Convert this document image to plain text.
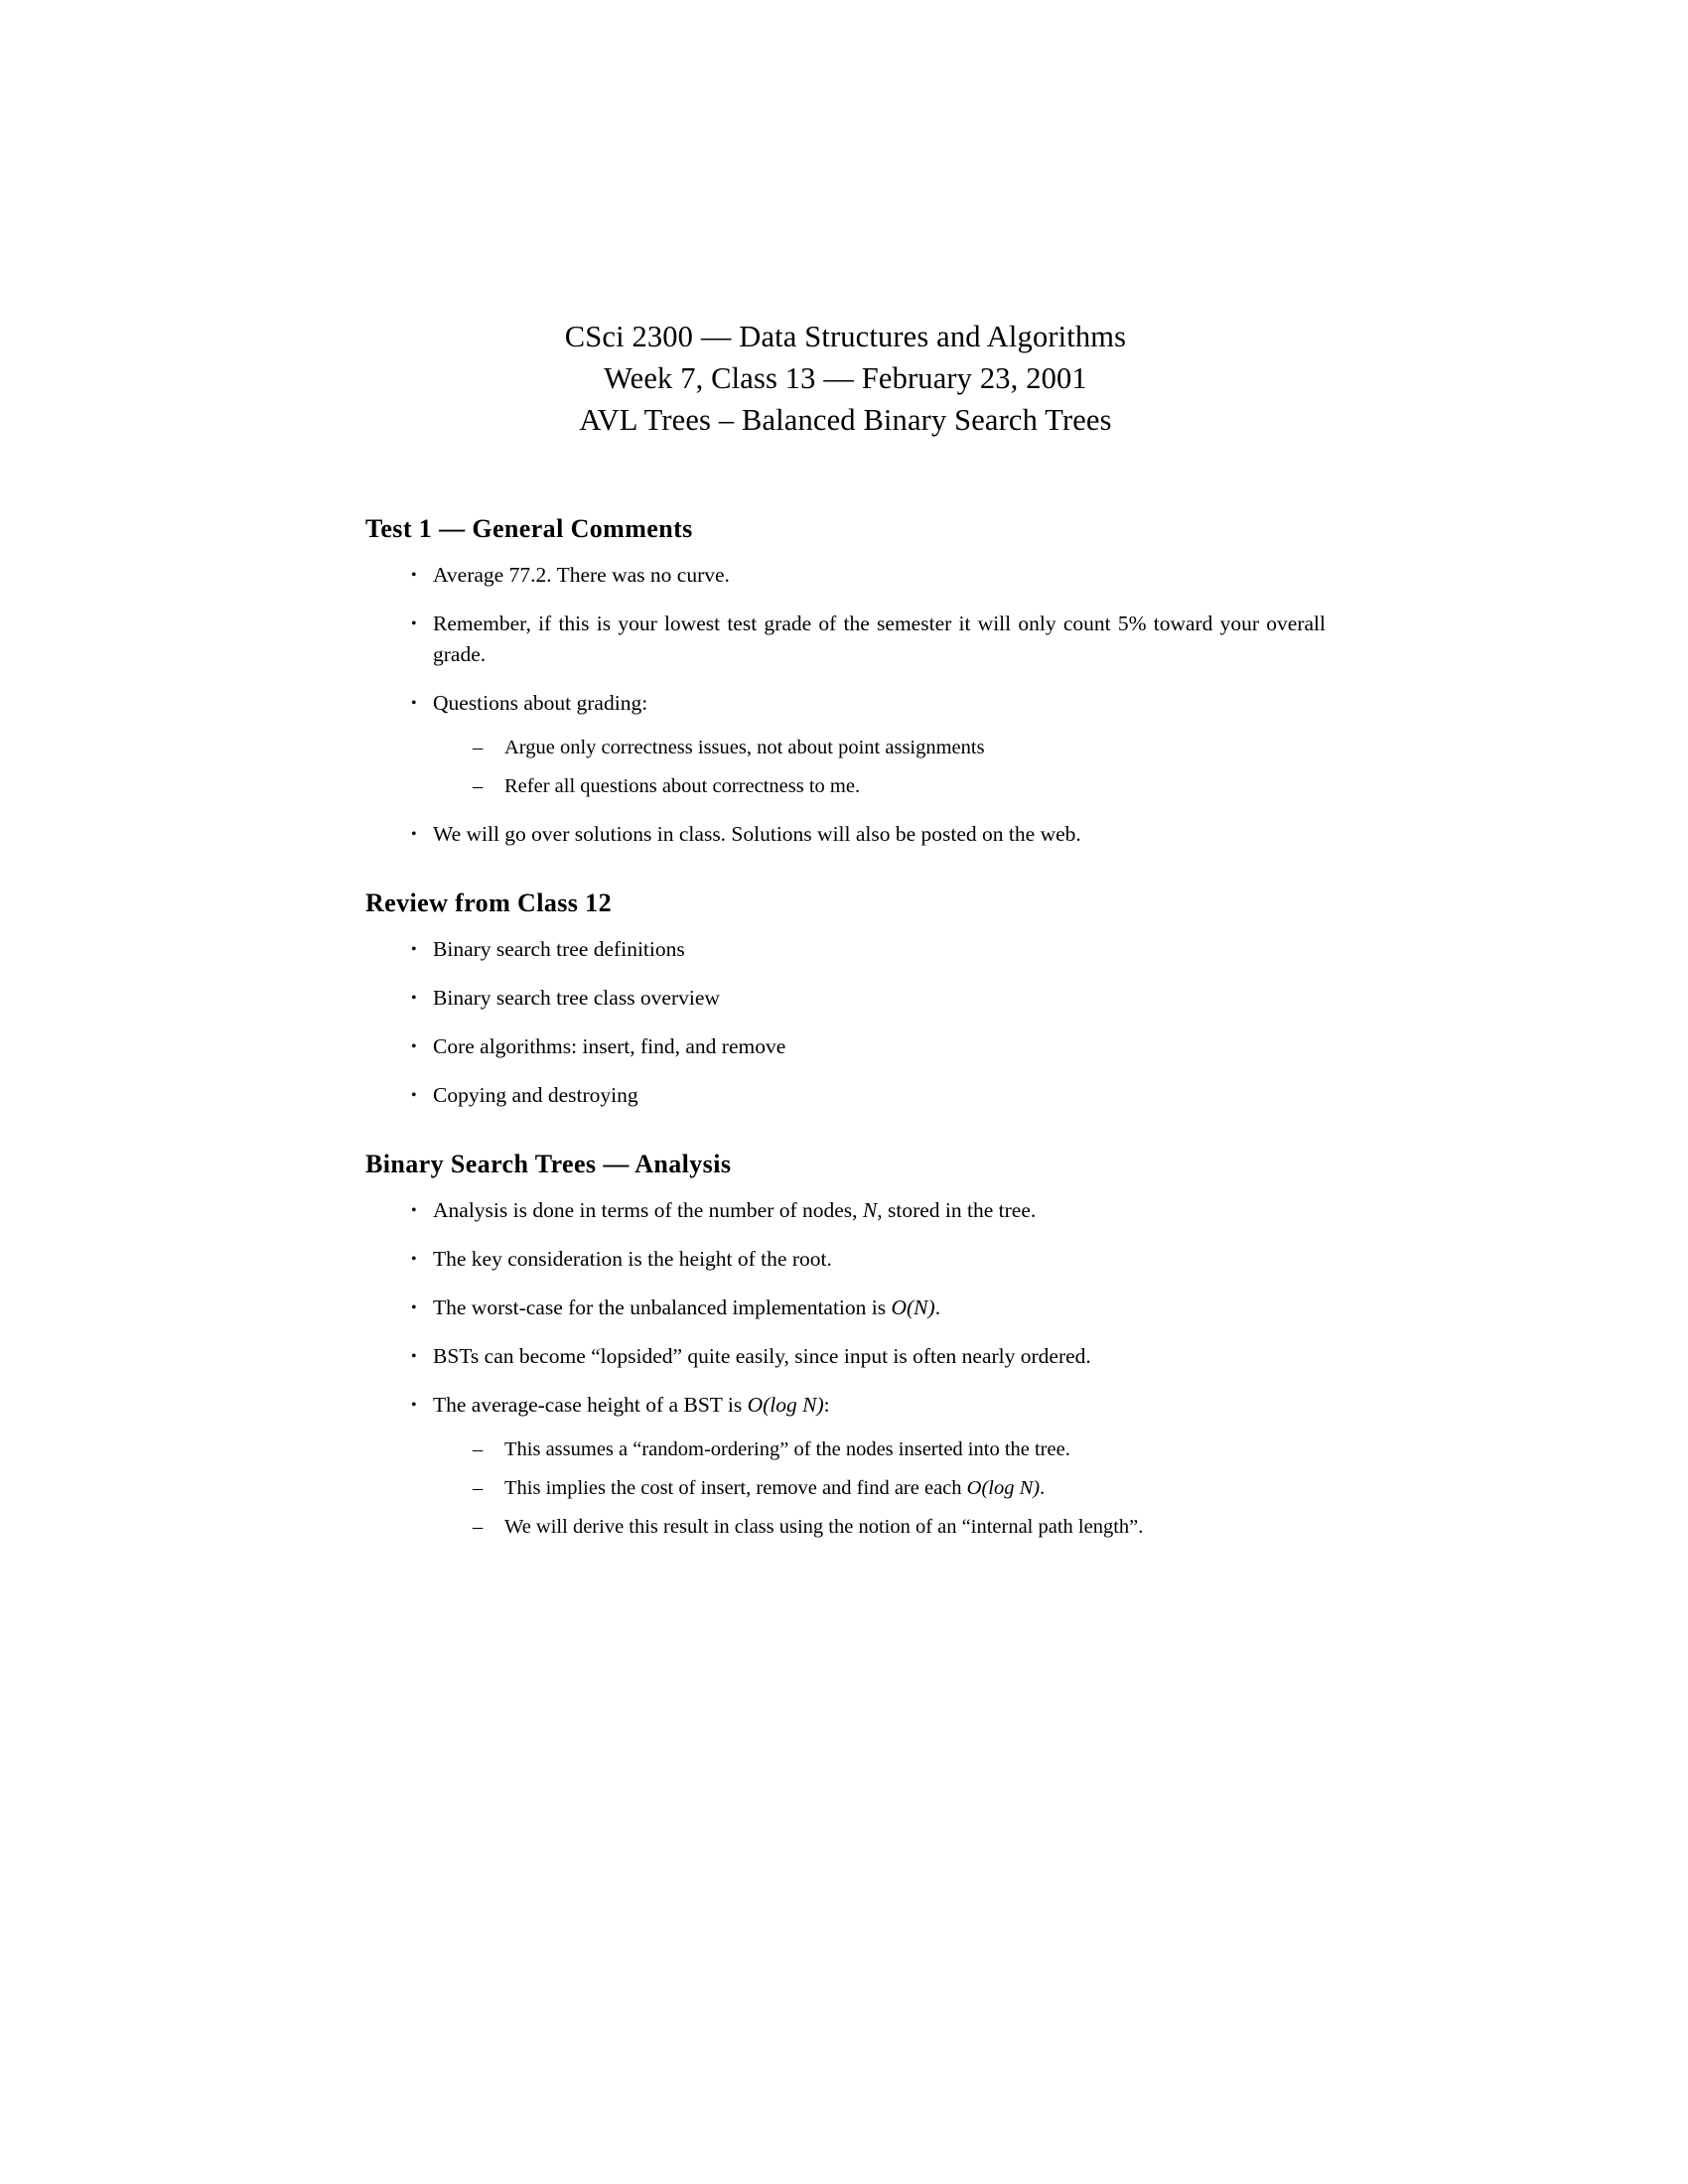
CSci 2300 — Data Structures and Algorithms
Week 7, Class 13 — February 23, 2001
AVL Trees – Balanced Binary Search Trees
Test 1 — General Comments
• Average 77.2. There was no curve.
• Remember, if this is your lowest test grade of the semester it will only count 5% toward your overall grade.
• Questions about grading:
– Argue only correctness issues, not about point assignments
– Refer all questions about correctness to me.
• We will go over solutions in class. Solutions will also be posted on the web.
Review from Class 12
• Binary search tree definitions
• Binary search tree class overview
• Core algorithms: insert, find, and remove
• Copying and destroying
Binary Search Trees — Analysis
• Analysis is done in terms of the number of nodes, N, stored in the tree.
• The key consideration is the height of the root.
• The worst-case for the unbalanced implementation is O(N).
• BSTs can become “lopsided” quite easily, since input is often nearly ordered.
• The average-case height of a BST is O(log N):
– This assumes a “random-ordering” of the nodes inserted into the tree.
– This implies the cost of insert, remove and find are each O(log N).
– We will derive this result in class using the notion of an “internal path length”.
